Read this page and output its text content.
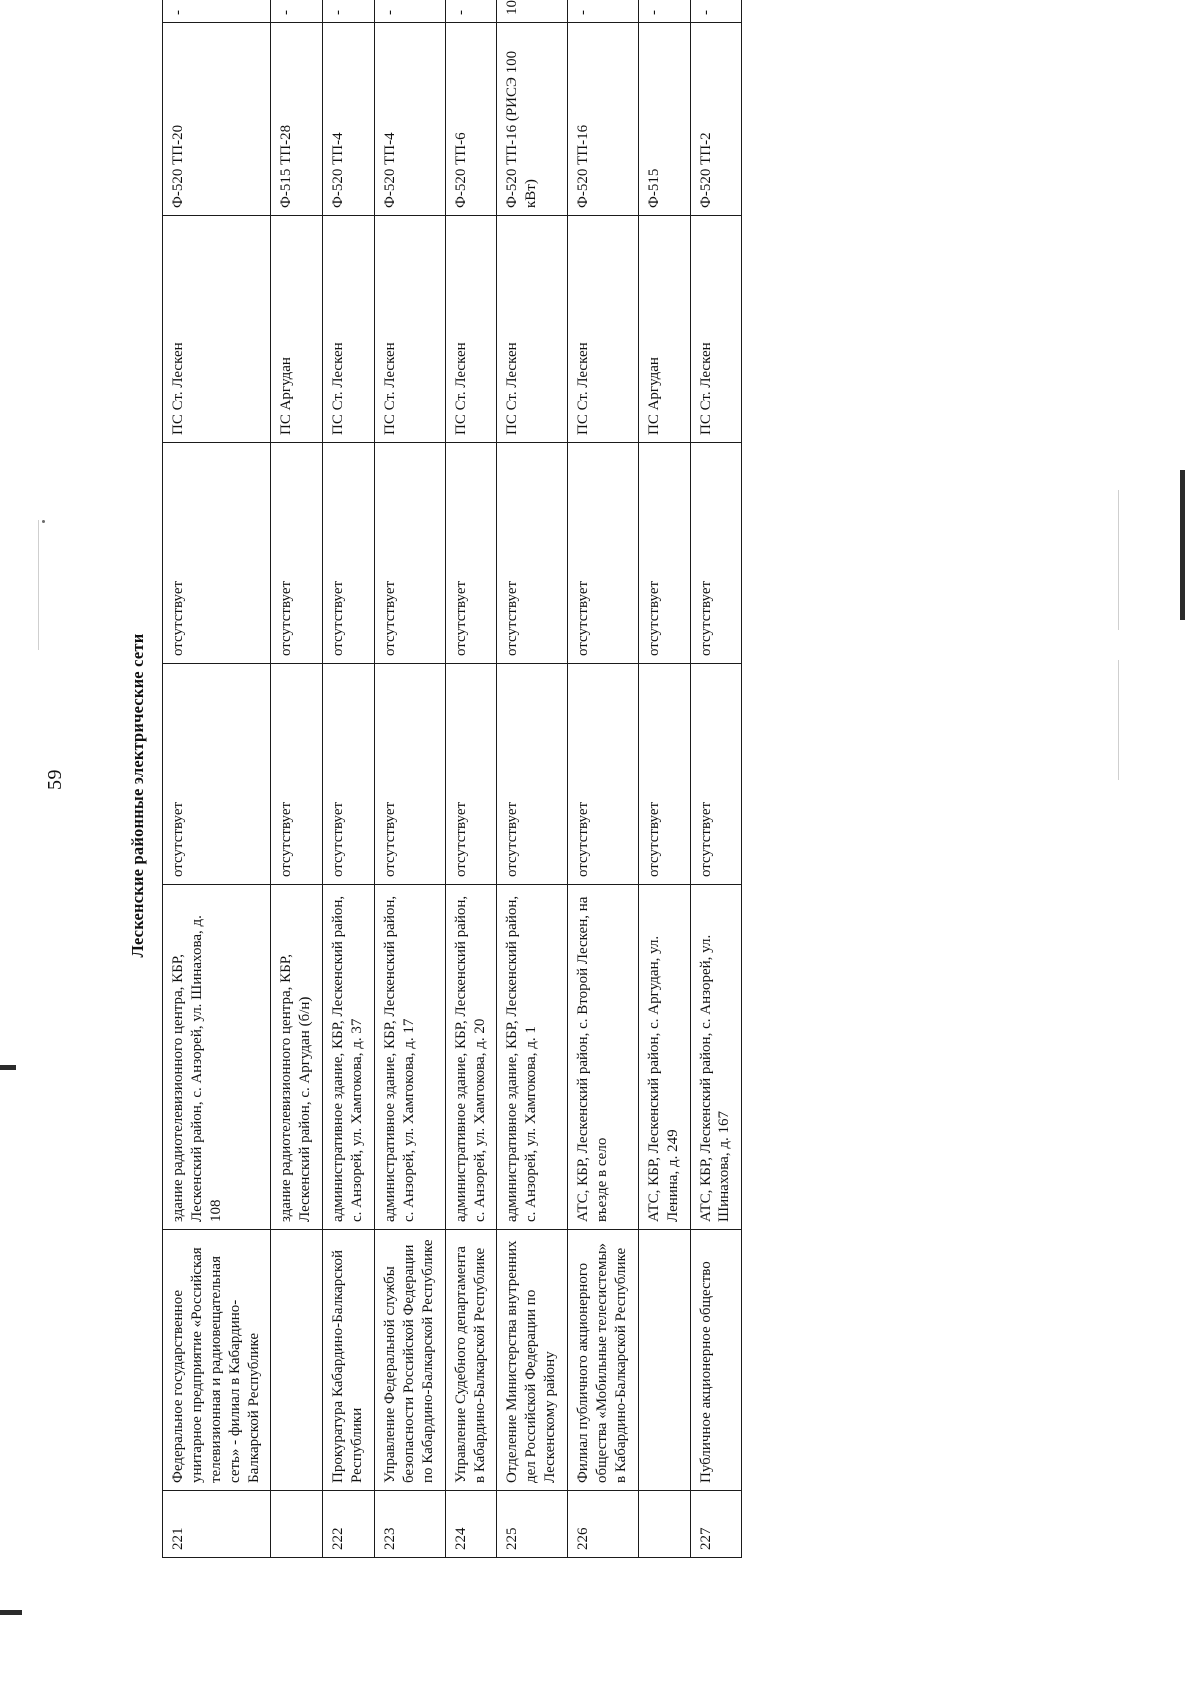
59	Лескенские районные электрические сети
221	Федеральное государственное унитарное предприятие «Российская телевизионная и радиовещательная сеть» - филиал в Кабардино-Балкарской Республике	здание радиотелевизионного центра, КБР, Лескенский район, с. Анзорей, ул. Шинахова, д. 108	отсутствует	отсутствует	ПС Ст. Лескен	Ф-520 ТП-20	-
		здание радиотелевизионного центра, КБР, Лескенский район, с. Аргудан (б/н)	отсутствует	отсутствует	ПС Аргудан	Ф-515 ТП-28	-
222	Прокуратура Кабардино-Балкарской Республики	административное здание, КБР, Лескенский район, с. Анзорей, ул. Хамгокова, д. 37	отсутствует	отсутствует	ПС Ст. Лескен	Ф-520 ТП-4	-
223	Управление Федеральной службы безопасности Российской Федерации по Кабардино-Балкарской Республике	административное здание, КБР, Лескенский район, с. Анзорей, ул. Хамгокова, д. 17	отсутствует	отсутствует	ПС Ст. Лескен	Ф-520 ТП-4	-
224	Управление Судебного департамента в Кабардино-Балкарской Республике	административное здание, КБР, Лескенский район, с. Анзорей, ул. Хамгокова, д. 20	отсутствует	отсутствует	ПС Ст. Лескен	Ф-520 ТП-6	-
225	Отделение Министерства внутренних дел Российской Федерации по Лескенскому району	административное здание, КБР, Лескенский район, с. Анзорей, ул. Хамгокова, д. 1	отсутствует	отсутствует	ПС Ст. Лескен	Ф-520 ТП-16 (РИСЭ 100 кВт)	10
226	Филиал публичного акционерного общества «Мобильные телесистемы» в Кабардино-Балкарской Республике	АТС, КБР, Лескенский район, с. Второй Лескен, на въезде в село	отсутствует	отсутствует	ПС Ст. Лескен	Ф-520 ТП-16	-
		АТС, КБР, Лескенский район, с. Аргудан, ул. Ленина, д. 249	отсутствует	отсутствует	ПС Аргудан	Ф-515	-
227	Публичное акционерное общество	АТС, КБР, Лескенский район, с. Анзорей, ул. Шинахова, д. 167	отсутствует	отсутствует	ПС Ст. Лескен	Ф-520 ТП-2	-
